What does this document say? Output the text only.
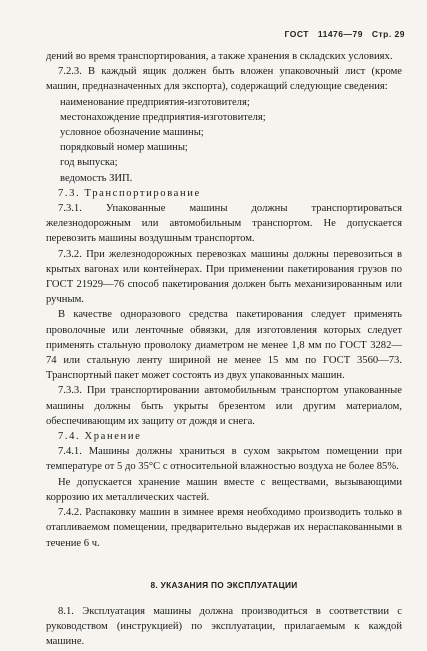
ГОСТ 11476—79 Стр. 29

дений во время транспортирования, а также хранения в складских условиях.

7.2.3. В каждый ящик должен быть вложен упаковочный лист (кроме машин, предназначенных для экспорта), содержащий следующие сведения:

наименование предприятия-изготовителя;

местонахождение предприятия-изготовителя;

условное обозначение машины;

порядковый номер машины;

год выпуска;

ведомость ЗИП.

7.3. Транспортирование

7.3.1. Упакованные машины должны транспортироваться железнодорожным или автомобильным транспортом. Не допускается перевозить машины воздушным транспортом.

7.3.2. При железнодорожных перевозках машины должны перевозиться в крытых вагонах или контейнерах. При применении пакетирования грузов по ГОСТ 21929—76 способ пакетирования должен быть механизированным или ручным.

В качестве одноразового средства пакетирования следует применять проволочные или ленточные обвязки, для изготовления которых следует применять стальную проволоку диаметром не менее 1,8 мм по ГОСТ 3282—74 или стальную ленту шириной не менее 15 мм по ГОСТ 3560—73. Транспортный пакет может состоять из двух упакованных машин.

7.3.3. При транспортировании автомобильным транспортом упакованные машины должны быть укрыты брезентом или другим материалом, обеспечивающим их защиту от дождя и снега.

7.4. Хранение

7.4.1. Машины должны храниться в сухом закрытом помещении при температуре от 5 до 35°C с относительной влажностью воздуха не более 85%.

Не допускается хранение машин вместе с веществами, вызывающими коррозию их металлических частей.

7.4.2. Распаковку машин в зимнее время необходимо производить только в отапливаемом помещении, предварительно выдержав их нераспакованными в течение 6 ч.

8. УКАЗАНИЯ ПО ЭКСПЛУАТАЦИИ

8.1. Эксплуатация машины должна производиться в соответствии с руководством (инструкцией) по эксплуатации, прилагаемым к каждой машине.
